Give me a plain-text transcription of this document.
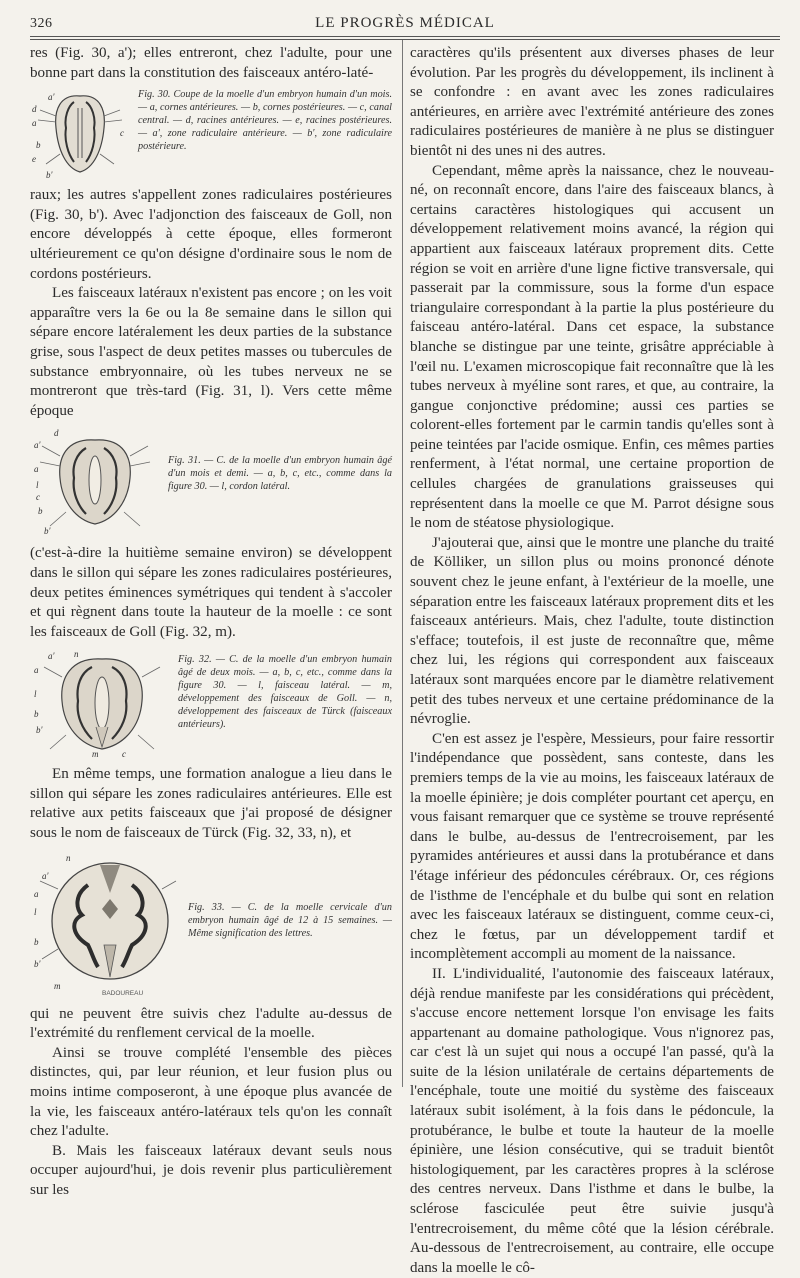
326	LE PROGRÈS MÉDICAL

res (Fig. 30, a'); elles entreront, chez l'adulte, pour une bonne part dans la constitution des faisceaux antéro-laté-

a'
d
a
c
b
e
b'
Fig. 30. Coupe de la moelle d'un embryon humain d'un mois. — a, cornes antérieures. — b, cornes postérieures. — c, canal central. — d, racines antérieures. — e, racines postérieures. — a', zone radiculaire antérieure. — b', zone radiculaire postérieure.

raux; les autres s'appellent zones radiculaires postérieures (Fig. 30, b'). Avec l'adjonction des faisceaux de Goll, non encore développés à cette époque, elles formeront ultérieurement ce qu'on désigne d'ordinaire sous le nom de cordons postérieurs.

Les faisceaux latéraux n'existent pas encore ; on les voit apparaître vers la 6e ou la 8e semaine dans le sillon qui sépare encore latéralement les deux parties de la substance grise, sous l'aspect de deux petites masses ou tubercules de substance embryonnaire, où les tubes nerveux ne se montreront que très-tard (Fig. 31, l). Vers cette même époque

d
a'
a
l
c
b
b'
Fig. 31. — C. de la moelle d'un embryon humain âgé d'un mois et demi. — a, b, c, etc., comme dans la figure 30. — l, cordon latéral.

(c'est-à-dire la huitième semaine environ) se développent dans le sillon qui sépare les zones radiculaires postérieures, deux petites éminences symétriques qui tendent à s'accoler et qui règnent dans toute la hauteur de la moelle : ce sont les faisceaux de Goll (Fig. 32, m).

a' n
a
l
b
b'
m	c
Fig. 32. — C. de la moelle d'un embryon humain âgé de deux mois. — a, b, c, etc., comme dans la figure 30. — l, faisceau latéral. — m, développement des faisceaux de Goll. — n, développement des faisceaux de Türck (faisceaux antérieurs).

En même temps, une formation analogue a lieu dans le sillon qui sépare les zones radiculaires antérieures. Elle est relative aux petits faisceaux que j'ai proposé de désigner sous le nom de faisceaux de Türck (Fig. 32, 33, n), et

n
a'
a
l
b
b'
m
BADOUREAU
Fig. 33. — C. de la moelle cervicale d'un embryon humain âgé de 12 à 15 semaines. — Même signification des lettres.

qui ne peuvent être suivis chez l'adulte au-dessus de l'extrémité du renflement cervical de la moelle.

Ainsi se trouve complété l'ensemble des pièces distinctes, qui, par leur réunion, et leur fusion plus ou moins intime composeront, à une époque plus avancée de la vie, les faisceaux antéro-latéraux tels qu'on les connaît chez l'adulte.

B. Mais les faisceaux latéraux devant seuls nous occuper aujourd'hui, je dois revenir plus particulièrement sur les

caractères qu'ils présentent aux diverses phases de leur évolution. Par les progrès du développement, ils inclinent à se confondre : en avant avec les zones radiculaires antérieures, en arrière avec l'extrémité antérieure des zones radiculaires postérieures de manière à ne plus se distinguer bientôt ni des unes ni des autres.

Cependant, même après la naissance, chez le nouveau-né, on reconnaît encore, dans l'aire des faisceaux blancs, à certains caractères histologiques qui accusent un développement relativement moins avancé, la région qui appartient aux faisceaux latéraux proprement dits. Cette région se voit en arrière d'une ligne fictive transversale, qui passerait par la commissure, sous la forme d'un espace triangulaire correspondant à la partie la plus postérieure du faisceau antéro-latéral. Dans cet espace, la substance blanche se distingue par une teinte, grisâtre appréciable à l'œil nu. L'examen microscopique fait reconnaître que là les tubes nerveux à myéline sont rares, et que, au contraire, la gangue conjonctive prédomine; aussi ces parties se colorent-elles fortement par le carmin tandis qu'elles sont à peine teintées par l'acide osmique. Enfin, ces mêmes parties renferment, à l'état normal, une certaine proportion de cellules chargées de granulations graisseuses qui représentent dans la moelle ce que M. Parrot désigne sous le nom de stéatose physiologique.

J'ajouterai que, ainsi que le montre une planche du traité de Kölliker, un sillon plus ou moins prononcé dénote souvent chez le jeune enfant, à l'extérieur de la moelle, une séparation entre les faisceaux latéraux proprement dits et les faisceaux antérieurs. Mais, chez l'adulte, toute distinction s'efface; toutefois, il est juste de reconnaître que, même chez lui, les régions qui correspondent aux faisceaux latéraux sont marquées encore par le diamètre relativement petit des tubes nerveux et une certaine prédominance de la névroglie.

C'en est assez je l'espère, Messieurs, pour faire ressortir l'indépendance que possèdent, sans conteste, dans les premiers temps de la vie au moins, les faisceaux latéraux de la moelle épinière; je dois compléter pourtant cet aperçu, en vous faisant remarquer que ce système se trouve représenté dans le bulbe, au-dessus de l'entrecroisement, par les pyramides antérieures et aussi dans la protubérance et dans l'étage inférieur des pédoncules cérébraux. Or, ces régions de l'isthme de l'encéphale et du bulbe qui sont en relation avec les faisceaux latéraux se distinguent, comme ceux-ci, chez le fœtus, par un développement tardif et incomplètement accompli au moment de la naissance.

II. L'individualité, l'autonomie des faisceaux latéraux, déjà rendue manifeste par les considérations qui précèdent, s'accuse encore nettement lorsque l'on envisage les faits appartenant au domaine pathologique. Vous n'ignorez pas, car c'est là un sujet qui nous a occupé l'an passé, qu'à la suite de la lésion unilatérale de certains départements de l'encéphale, toute une moitié du système des faisceaux latéraux subit isolément, à la fois dans le pédoncule, la protubérance, le bulbe et toute la hauteur de la moelle épinière, une lésion consécutive, qui se traduit bientôt histologiquement, par les caractères propres à la sclérose des centres nerveux. Dans l'isthme et dans le bulbe, la sclérose fasciculée peut être suivie jusqu'à l'entrecroisement, du même côté que la lésion cérébrale. Au-dessous de l'entrecroisement, au contraire, elle occupe dans la moelle le cô-
